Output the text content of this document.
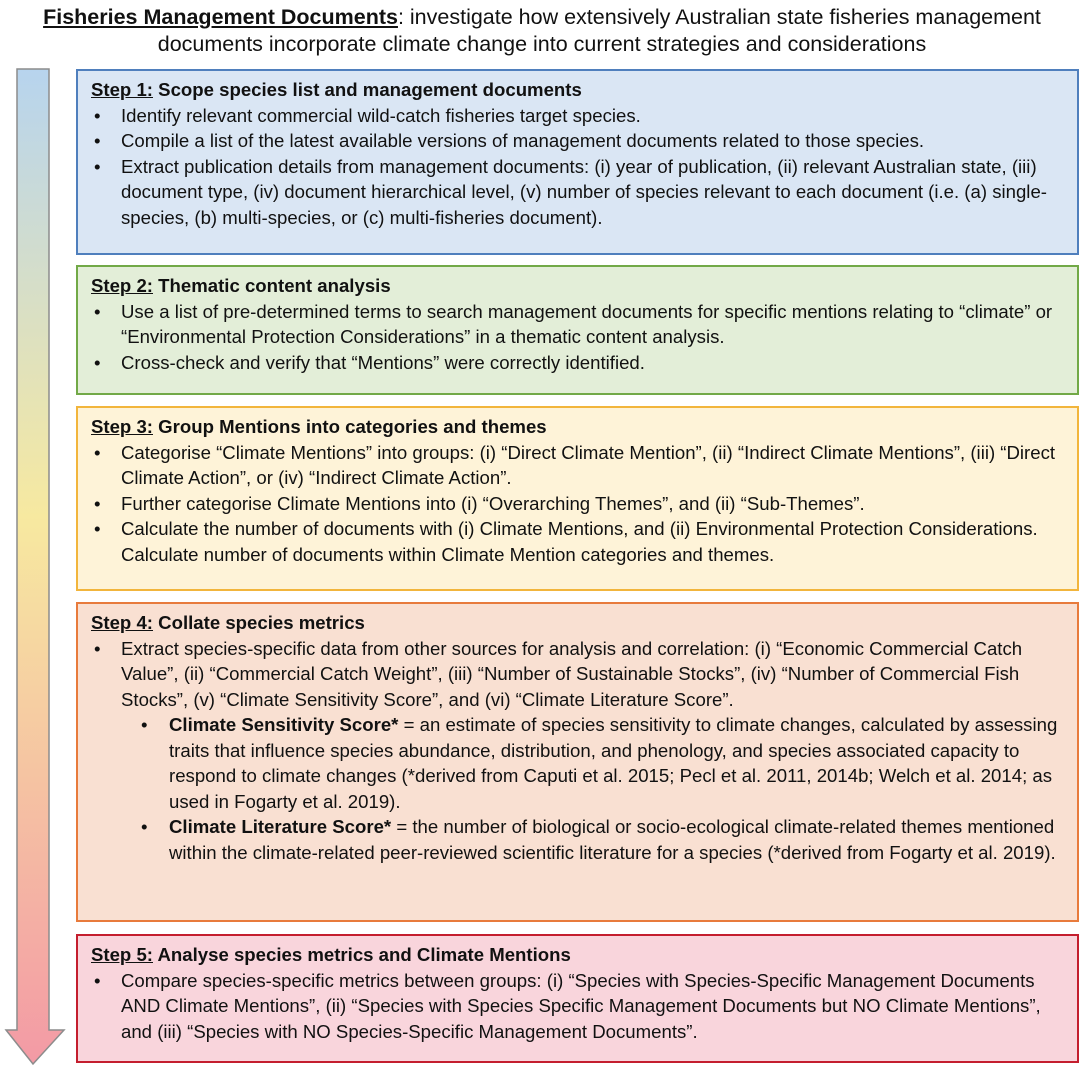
Fisheries Management Documents: investigate how extensively Australian state fisheries management documents incorporate climate change into current strategies and considerations

Step 1: Scope species list and management documents

• Identify relevant commercial wild-catch fisheries target species.
• Compile a list of the latest available versions of management documents related to those species.
• Extract publication details from management documents: (i) year of publication, (ii) relevant Australian state, (iii) document type, (iv) document hierarchical level, (v) number of species relevant to each document (i.e. (a) single-species, (b) multi-species, or (c) multi-fisheries document).

Step 2: Thematic content analysis

• Use a list of pre-determined terms to search management documents for specific mentions relating to “climate” or “Environmental Protection Considerations” in a thematic content analysis.
• Cross-check and verify that “Mentions” were correctly identified.

Step 3: Group Mentions into categories and themes

• Categorise “Climate Mentions” into groups: (i) “Direct Climate Mention”, (ii) “Indirect Climate Mentions”, (iii) “Direct Climate Action”, or (iv) “Indirect Climate Action”.
• Further categorise Climate Mentions into (i) “Overarching Themes”, and (ii) “Sub-Themes”.
• Calculate the number of documents with (i) Climate Mentions, and (ii) Environmental Protection Considerations. Calculate number of documents within Climate Mention categories and themes.

Step 4: Collate species metrics

• Extract species-specific data from other sources for analysis and correlation: (i) “Economic Commercial Catch Value”, (ii) “Commercial Catch Weight”, (iii) “Number of Sustainable Stocks”, (iv) “Number of Commercial Fish Stocks”, (v) “Climate Sensitivity Score”, and (vi) “Climate Literature Score”.
• Climate Sensitivity Score* = an estimate of species sensitivity to climate changes, calculated by assessing traits that influence species abundance, distribution, and phenology, and species associated capacity to respond to climate changes (*derived from Caputi et al. 2015; Pecl et al. 2011, 2014b; Welch et al. 2014; as used in Fogarty et al. 2019).
• Climate Literature Score* = the number of biological or socio-ecological climate-related themes mentioned within the climate-related peer-reviewed scientific literature for a species (*derived from Fogarty et al. 2019).

Step 5: Analyse species metrics and Climate Mentions

• Compare species-specific metrics between groups: (i) “Species with Species-Specific Management Documents AND Climate Mentions”, (ii) “Species with Species Specific Management Documents but NO Climate Mentions”, and (iii) “Species with NO Species-Specific Management Documents”.
